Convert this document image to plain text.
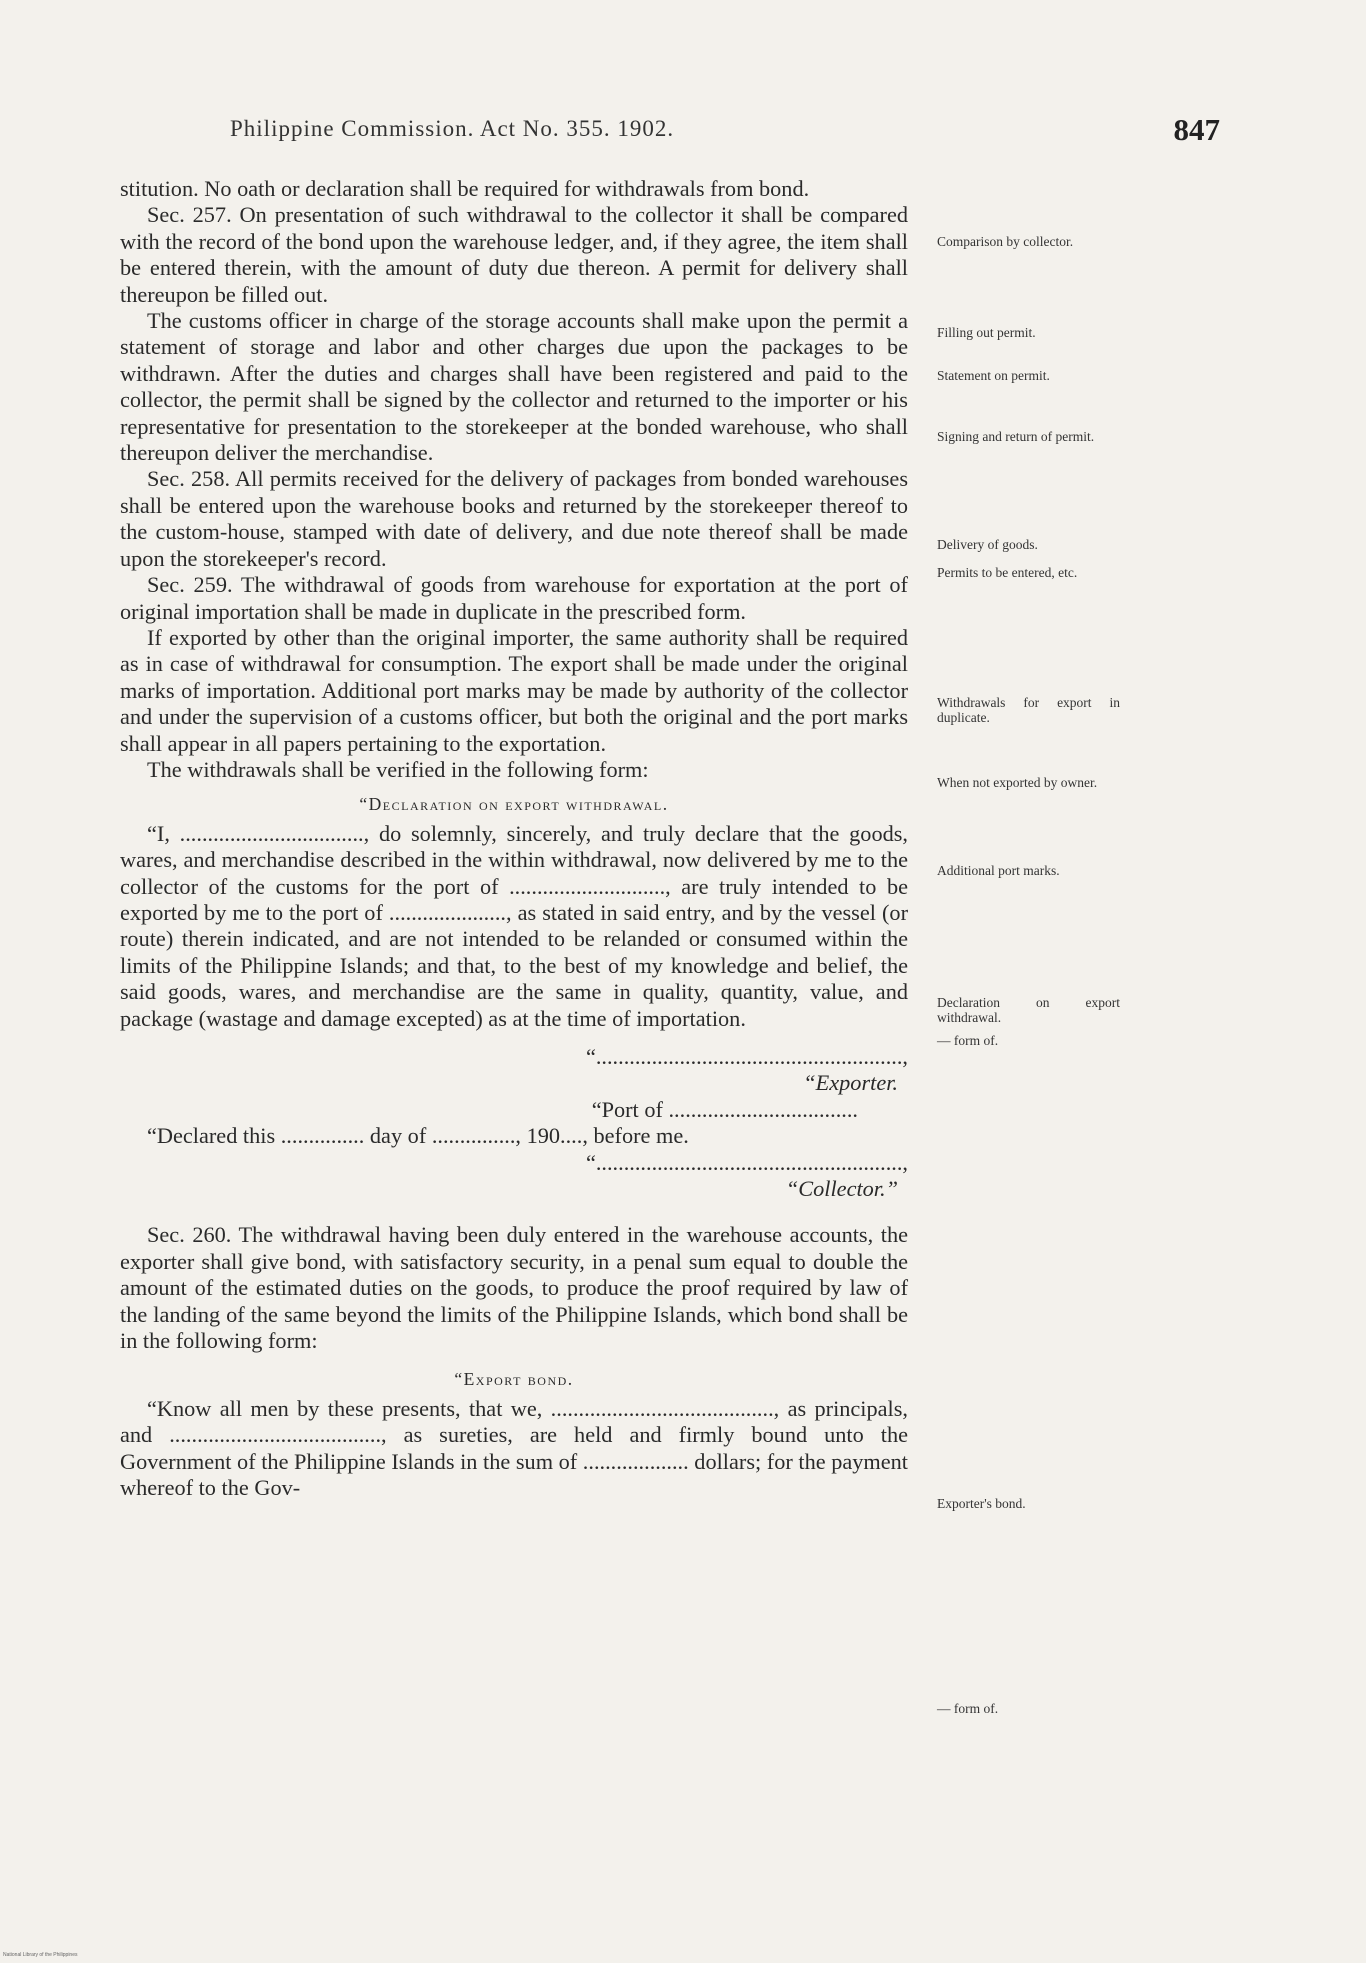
Philippine Commission. Act No. 355. 1902.	847

stitution. No oath or declaration shall be required for withdrawals from bond.

Sec. 257. On presentation of such withdrawal to the collector it shall be compared with the record of the bond upon the warehouse ledger, and, if they agree, the item shall be entered therein, with the amount of duty due thereon. A permit for delivery shall thereupon be filled out.

The customs officer in charge of the storage accounts shall make upon the permit a statement of storage and labor and other charges due upon the packages to be withdrawn. After the duties and charges shall have been registered and paid to the collector, the permit shall be signed by the collector and returned to the importer or his representative for presentation to the storekeeper at the bonded warehouse, who shall thereupon deliver the merchandise.

Sec. 258. All permits received for the delivery of packages from bonded warehouses shall be entered upon the warehouse books and returned by the storekeeper thereof to the custom-house, stamped with date of delivery, and due note thereof shall be made upon the storekeeper's record.

Sec. 259. The withdrawal of goods from warehouse for exportation at the port of original importation shall be made in duplicate in the prescribed form.

If exported by other than the original importer, the same authority shall be required as in case of withdrawal for consumption. The export shall be made under the original marks of importation. Additional port marks may be made by authority of the collector and under the supervision of a customs officer, but both the original and the port marks shall appear in all papers pertaining to the exportation.

The withdrawals shall be verified in the following form:

“Declaration on export withdrawal.

“I, ................................., do solemnly, sincerely, and truly declare that the goods, wares, and merchandise described in the within withdrawal, now delivered by me to the collector of the customs for the port of ............................, are truly intended to be exported by me to the port of ....................., as stated in said entry, and by the vessel (or route) therein indicated, and are not intended to be relanded or consumed within the limits of the Philippine Islands; and that, to the best of my knowledge and belief, the said goods, wares, and merchandise are the same in quality, quantity, value, and package (wastage and damage excepted) as at the time of importation.

“.......................................................,

“Exporter.

“Port of ..................................

“Declared this ............... day of ..............., 190...., before me.

“.......................................................,

“Collector.”

Sec. 260. The withdrawal having been duly entered in the warehouse accounts, the exporter shall give bond, with satisfactory security, in a penal sum equal to double the amount of the estimated duties on the goods, to produce the proof required by law of the landing of the same beyond the limits of the Philippine Islands, which bond shall be in the following form:

“Export bond.

“Know all men by these presents, that we, ........................................, as principals, and ......................................, as sureties, are held and firmly bound unto the Government of the Philippine Islands in the sum of ................... dollars; for the payment whereof to the Gov-

Comparison by collector.
Filling out permit.
Statement on permit.
Signing and return of permit.
Delivery of goods.
Permits to be entered, etc.
Withdrawals for export in duplicate.
When not exported by owner.
Additional port marks.
Declaration on export withdrawal.
— form of.
Exporter's bond.
— form of.
National Library of the Philippines
